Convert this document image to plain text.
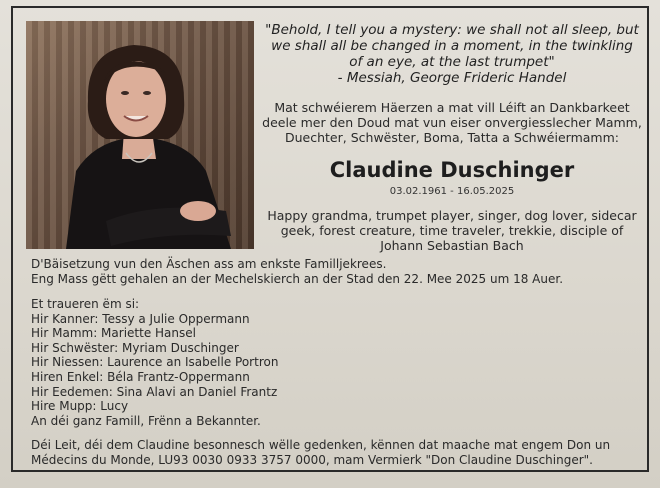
"Behold, I tell you a mystery: we shall not all sleep, but
we shall all be changed in a moment, in the twinkling
of an eye, at the last trumpet"
- Messiah, George Frideric Handel
Mat schwéierem Häerzen a mat vill Léift an Dankbarkeet
deele mer den Doud mat vun eiser onvergiesslecher Mamm,
Duechter, Schwëster, Boma, Tatta a Schwéiermamm:
Claudine Duschinger
03.02.1961 - 16.05.2025
Happy grandma, trumpet player, singer, dog lover, sidecar
geek, forest creature, time traveler, trekkie, disciple of
Johann Sebastian Bach
D'Bäisetzung vun den Äschen ass am enkste Familljekrees.
Eng Mass gëtt gehalen an der Mechelskierch an der Stad den 22. Mee 2025 um 18 Auer.
Et traueren ëm si:
Hir Kanner: Tessy a Julie Oppermann
Hir Mamm: Mariette Hansel
Hir Schwëster: Myriam Duschinger
Hir Niessen: Laurence an Isabelle Portron
Hiren Enkel: Béla Frantz-Oppermann
Hir Eedemen: Sina Alavi an Daniel Frantz
Hire Mupp: Lucy
An déi ganz Famill, Frënn a Bekannter.
Déi Leit, déi dem Claudine besonnesch wëlle gedenken, kënnen dat maache mat engem Don un
Médecins du Monde, LU93 0030 0933 3757 0000, mam Vermierk "Don Claudine Duschinger".
